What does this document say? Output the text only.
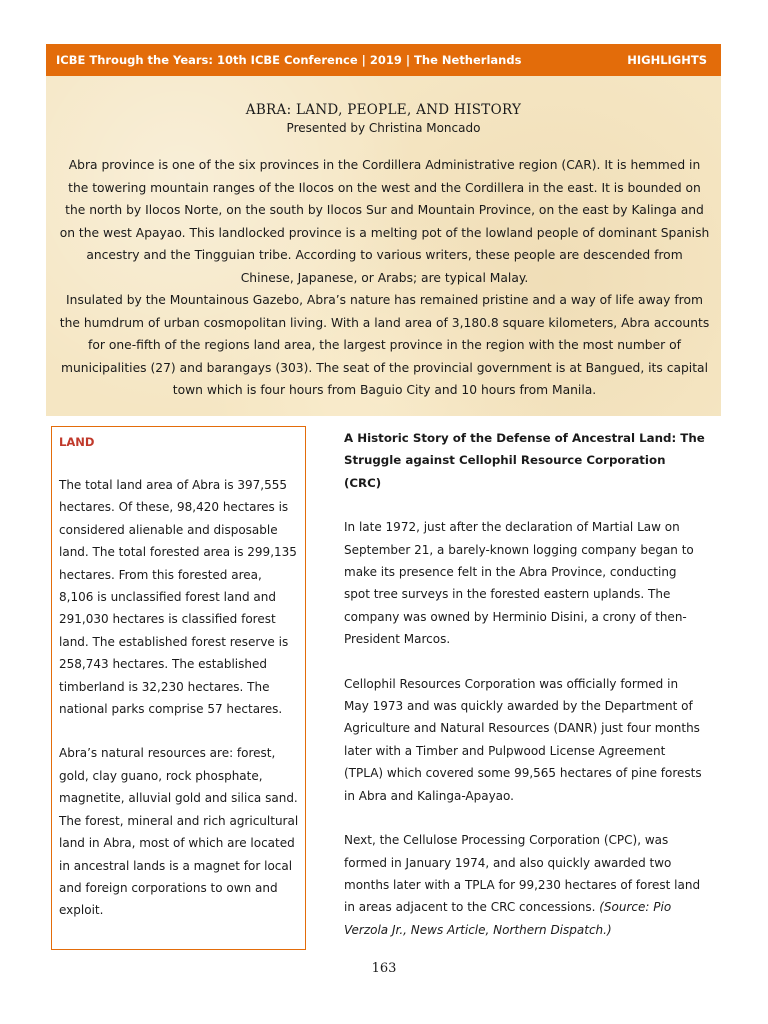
ICBE Through the Years: 10th ICBE Conference | 2019 | The Netherlands	HIGHLIGHTS
ABRA: LAND, PEOPLE, AND HISTORY
Presented by Christina Moncado

Abra province is one of the six provinces in the Cordillera Administrative region (CAR). It is hemmed in the towering mountain ranges of the Ilocos on the west and the Cordillera in the east. It is bounded on the north by Ilocos Norte, on the south by Ilocos Sur and Mountain Province, on the east by Kalinga and on the west Apayao. This landlocked province is a melting pot of the lowland people of dominant Spanish ancestry and the Tingguian tribe. According to various writers, these people are descended from Chinese, Japanese, or Arabs; are typical Malay.

Insulated by the Mountainous Gazebo, Abra’s nature has remained pristine and a way of life away from the humdrum of urban cosmopolitan living. With a land area of 3,180.8 square kilometers, Abra accounts for one-fifth of the regions land area, the largest province in the region with the most number of municipalities (27) and barangays (303). The seat of the provincial government is at Bangued, its capital town which is four hours from Baguio City and 10 hours from Manila.

LAND

The total land area of Abra is 397,555 hectares. Of these, 98,420 hectares is considered alienable and disposable land. The total forested area is 299,135 hectares. From this forested area, 8,106 is unclassified forest land and 291,030 hectares is classified forest land. The established forest reserve is 258,743 hectares. The established timberland is 32,230 hectares. The national parks comprise 57 hectares.

Abra’s natural resources are: forest, gold, clay guano, rock phosphate, magnetite, alluvial gold and silica sand. The forest, mineral and rich agricultural land in Abra, most of which are located in ancestral lands is a magnet for local and foreign corporations to own and exploit.

A Historic Story of the Defense of Ancestral Land: The Struggle against Cellophil Resource Corporation (CRC)

In late 1972, just after the declaration of Martial Law on September 21, a barely-known logging company began to make its presence felt in the Abra Province, conducting spot tree surveys in the forested eastern uplands. The company was owned by Herminio Disini, a crony of then- President Marcos.

Cellophil Resources Corporation was officially formed in May 1973 and was quickly awarded by the Department of Agriculture and Natural Resources (DANR) just four months later with a Timber and Pulpwood License Agreement (TPLA) which covered some 99,565 hectares of pine forests in Abra and Kalinga-Apayao.

Next, the Cellulose Processing Corporation (CPC), was formed in January 1974, and also quickly awarded two months later with a TPLA for 99,230 hectares of forest land in areas adjacent to the CRC concessions. (Source: Pio Verzola Jr., News Article, Northern Dispatch.)

163
